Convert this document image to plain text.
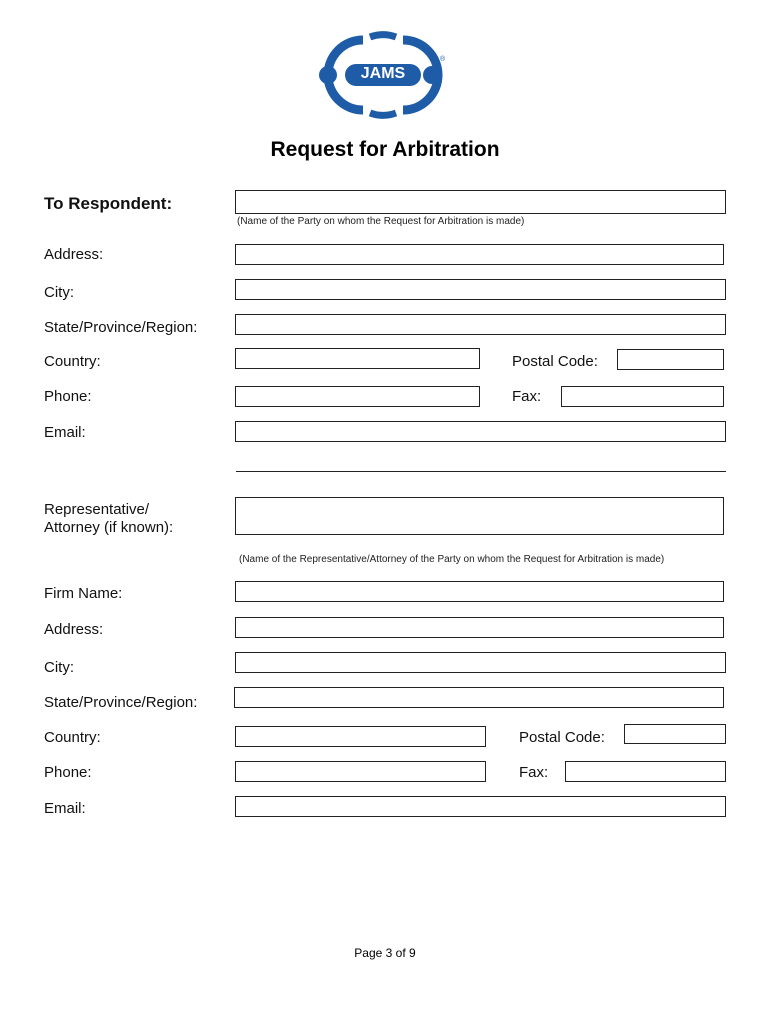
JAMS
®
Request for Arbitration
To Respondent:
(Name of the Party on whom the Request for Arbitration is made)
Address:
City:
State/Province/Region:
Country:	Postal Code:
Phone:	Fax:
Email:
Representative/
Attorney (if known):
(Name of the Representative/Attorney of the Party on whom the Request for Arbitration is made)
Firm Name:
Address:
City:
State/Province/Region:
Country:	Postal Code:
Phone:	Fax:
Email:
Page 3 of 9
